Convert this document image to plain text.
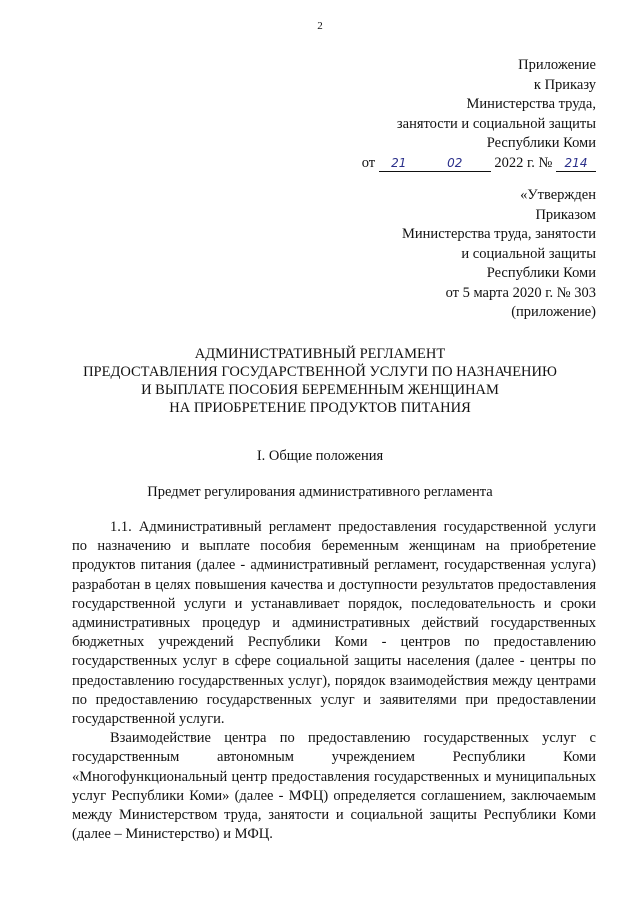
2
Приложение
к Приказу
Министерства труда,
занятости и социальной защиты
Республики Коми
от 21	02 2022 г. № 214
«Утвержден
Приказом
Министерства труда, занятости
и социальной защиты
Республики Коми
от 5 марта 2020 г. № 303
(приложение)
АДМИНИСТРАТИВНЫЙ РЕГЛАМЕНТ
ПРЕДОСТАВЛЕНИЯ ГОСУДАРСТВЕННОЙ УСЛУГИ ПО НАЗНАЧЕНИЮ
И ВЫПЛАТЕ ПОСОБИЯ БЕРЕМЕННЫМ ЖЕНЩИНАМ
НА ПРИОБРЕТЕНИЕ ПРОДУКТОВ ПИТАНИЯ
I. Общие положения
Предмет регулирования административного регламента

1.1. Административный регламент предоставления государственной услуги по назначению и выплате пособия беременным женщинам на приобретение продуктов питания (далее - административный регламент, государственная услуга) разработан в целях повышения качества и доступности результатов предоставления государственной услуги и устанавливает порядок, последовательность и сроки административных процедур и административных действий государственных бюджетных учреждений Республики Коми - центров по предоставлению государственных услуг в сфере социальной защиты населения (далее - центры по предоставлению государственных услуг), порядок взаимодействия между центрами по предоставлению государственных услуг и заявителями при предоставлении государственной услуги.

Взаимодействие центра по предоставлению государственных услуг с государственным автономным учреждением Республики Коми «Многофункциональный центр предоставления государственных и муниципальных услуг Республики Коми» (далее - МФЦ) определяется соглашением, заключаемым между Министерством труда, занятости и социальной защиты Республики Коми (далее – Министерство) и МФЦ.
